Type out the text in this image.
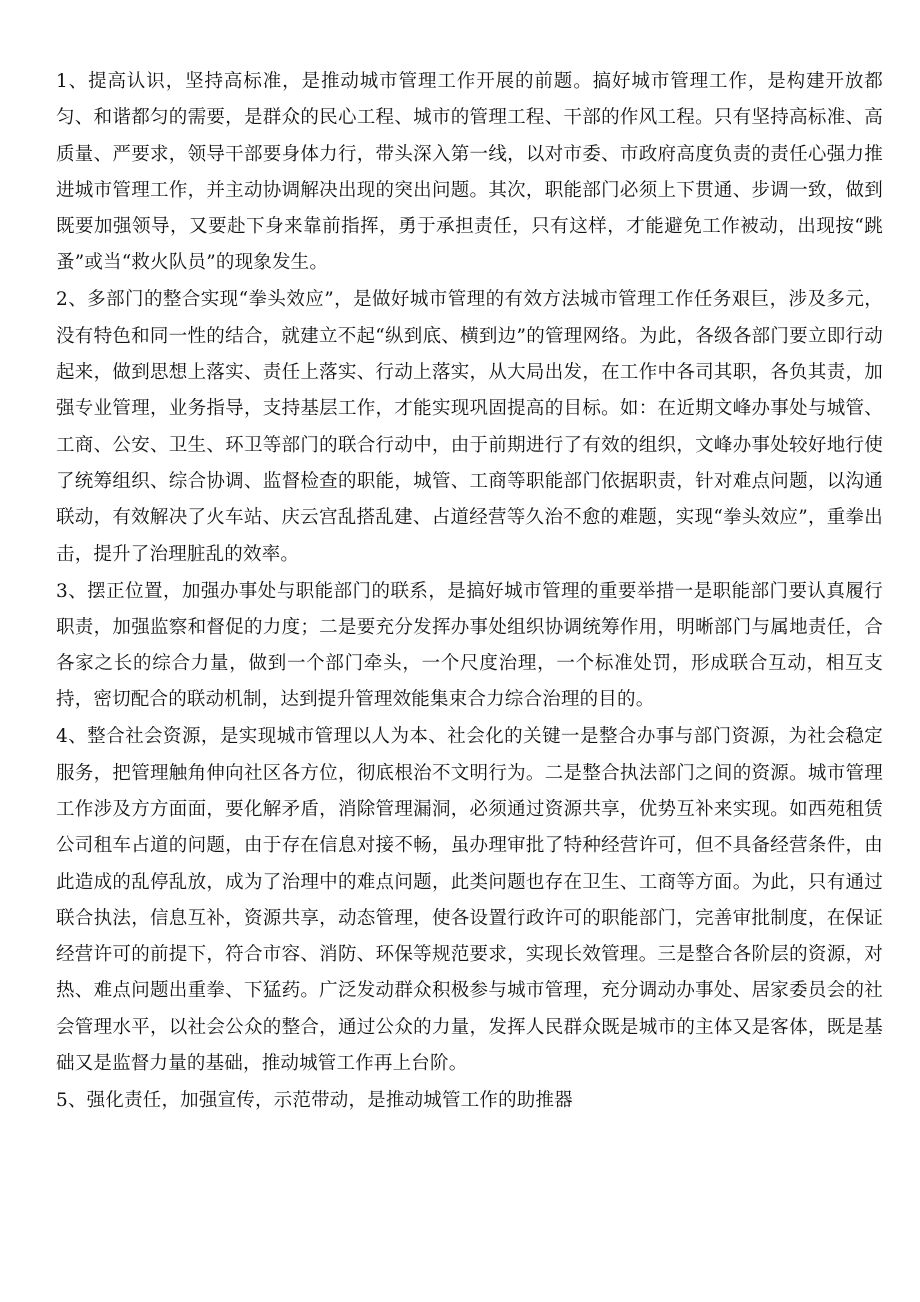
1、提高认识，坚持高标准，是推动城市管理工作开展的前题。搞好城市管理工作，是构建开放都匀、和谐都匀的需要，是群众的民心工程、城市的管理工程、干部的作风工程。只有坚持高标准、高质量、严要求，领导干部要身体力行，带头深入第一线，以对市委、市政府高度负责的责任心强力推进城市管理工作，并主动协调解决出现的突出问题。其次，职能部门必须上下贯通、步调一致，做到既要加强领导，又要赴下身来靠前指挥，勇于承担责任，只有这样，才能避免工作被动，出现按“跳蚤”或当“救火队员”的现象发生。

2、多部门的整合实现“拳头效应”，是做好城市管理的有效方法城市管理工作任务艰巨，涉及多元，没有特色和同一性的结合，就建立不起“纵到底、横到边”的管理网络。为此，各级各部门要立即行动起来，做到思想上落实、责任上落实、行动上落实，从大局出发，在工作中各司其职，各负其责，加强专业管理，业务指导，支持基层工作，才能实现巩固提高的目标。如：在近期文峰办事处与城管、工商、公安、卫生、环卫等部门的联合行动中，由于前期进行了有效的组织，文峰办事处较好地行使了统筹组织、综合协调、监督检查的职能，城管、工商等职能部门依据职责，针对难点问题，以沟通联动，有效解决了火车站、庆云宫乱搭乱建、占道经营等久治不愈的难题，实现“拳头效应”，重拳出击，提升了治理脏乱的效率。

3、摆正位置，加强办事处与职能部门的联系，是搞好城市管理的重要举措一是职能部门要认真履行职责，加强监察和督促的力度；二是要充分发挥办事处组织协调统筹作用，明晰部门与属地责任，合各家之长的综合力量，做到一个部门牵头，一个尺度治理，一个标准处罚，形成联合互动，相互支持，密切配合的联动机制，达到提升管理效能集束合力综合治理的目的。

4、整合社会资源，是实现城市管理以人为本、社会化的关键一是整合办事与部门资源，为社会稳定服务，把管理触角伸向社区各方位，彻底根治不文明行为。二是整合执法部门之间的资源。城市管理工作涉及方方面面，要化解矛盾，消除管理漏洞，必须通过资源共享，优势互补来实现。如西苑租赁公司租车占道的问题，由于存在信息对接不畅，虽办理审批了特种经营许可，但不具备经营条件，由此造成的乱停乱放，成为了治理中的难点问题，此类问题也存在卫生、工商等方面。为此，只有通过联合执法，信息互补，资源共享，动态管理，使各设置行政许可的职能部门，完善审批制度，在保证经营许可的前提下，符合市容、消防、环保等规范要求，实现长效管理。三是整合各阶层的资源，对热、难点问题出重拳、下猛药。广泛发动群众积极参与城市管理，充分调动办事处、居家委员会的社会管理水平，以社会公众的整合，通过公众的力量，发挥人民群众既是城市的主体又是客体，既是基础又是监督力量的基础，推动城管工作再上台阶。

5、强化责任，加强宣传，示范带动，是推动城管工作的助推器
